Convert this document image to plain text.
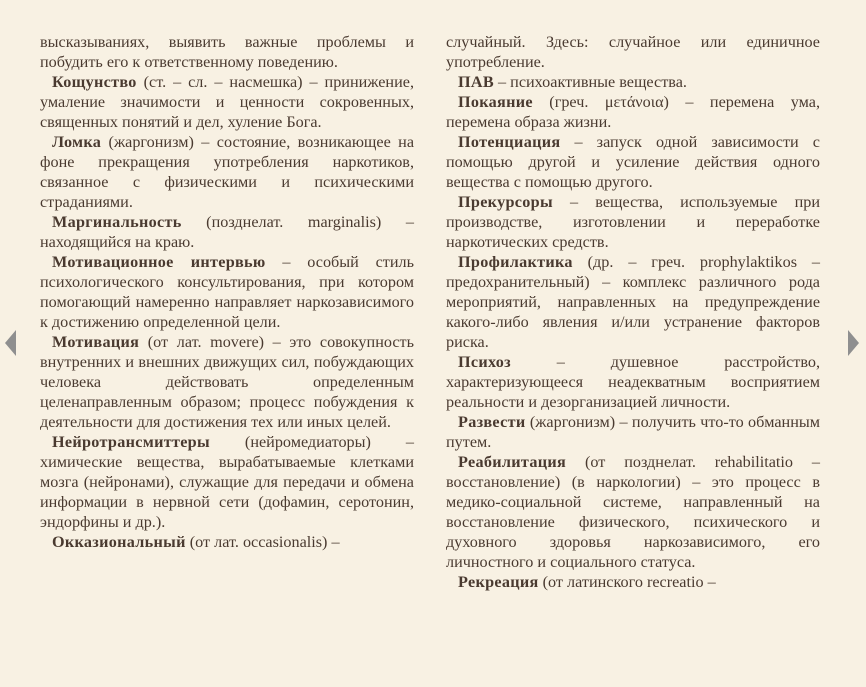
высказываниях, выявить важные проблемы и побудить его к ответственному поведению.

Кощунство (ст. – сл. – насмешка) – принижение, умаление значимости и ценности сокровенных, священных понятий и дел, хуление Бога.

Ломка (жаргонизм) – состояние, возникающее на фоне прекращения употребления наркотиков, связанное с физическими и психическими страданиями.

Маргинальность (позднелат. marginalis) – находящийся на краю.

Мотивационное интервью – особый стиль психологического консультирования, при котором помогающий намеренно направляет наркозависимого к достижению определенной цели.

Мотивация (от лат. movere) – это совокупность внутренних и внешних движущих сил, побуждающих человека действовать определенным целенаправленным образом; процесс побуждения к деятельности для достижения тех или иных целей.

Нейротрансмиттеры (нейромедиаторы) – химические вещества, вырабатываемые клетками мозга (нейронами), служащие для передачи и обмена информации в нервной сети (дофамин, серотонин, эндорфины и др.).

Окказиональный (от лат. occasionalis) –

случайный. Здесь: случайное или единичное употребление.

ПАВ – психоактивные вещества.

Покаяние (греч. μετάνοια) – перемена ума, перемена образа жизни.

Потенциация – запуск одной зависимости с помощью другой и усиление действия одного вещества с помощью другого.

Прекурсоры – вещества, используемые при производстве, изготовлении и переработке наркотических средств.

Профилактика (др. – греч. prophylaktikos – предохранительный) – комплекс различного рода мероприятий, направленных на предупреждение какого-либо явления и/или устранение факторов риска.

Психоз – душевное расстройство, характеризующееся неадекватным восприятием реальности и дезорганизацией личности.

Развести (жаргонизм) – получить что-то обманным путем.

Реабилитация (от позднелат. rehabilitatio – восстановление) (в наркологии) – это процесс в медико-социальной системе, направленный на восстановление физического, психического и духовного здоровья наркозависимого, его личностного и социального статуса.

Рекреация (от латинского recreatio –
